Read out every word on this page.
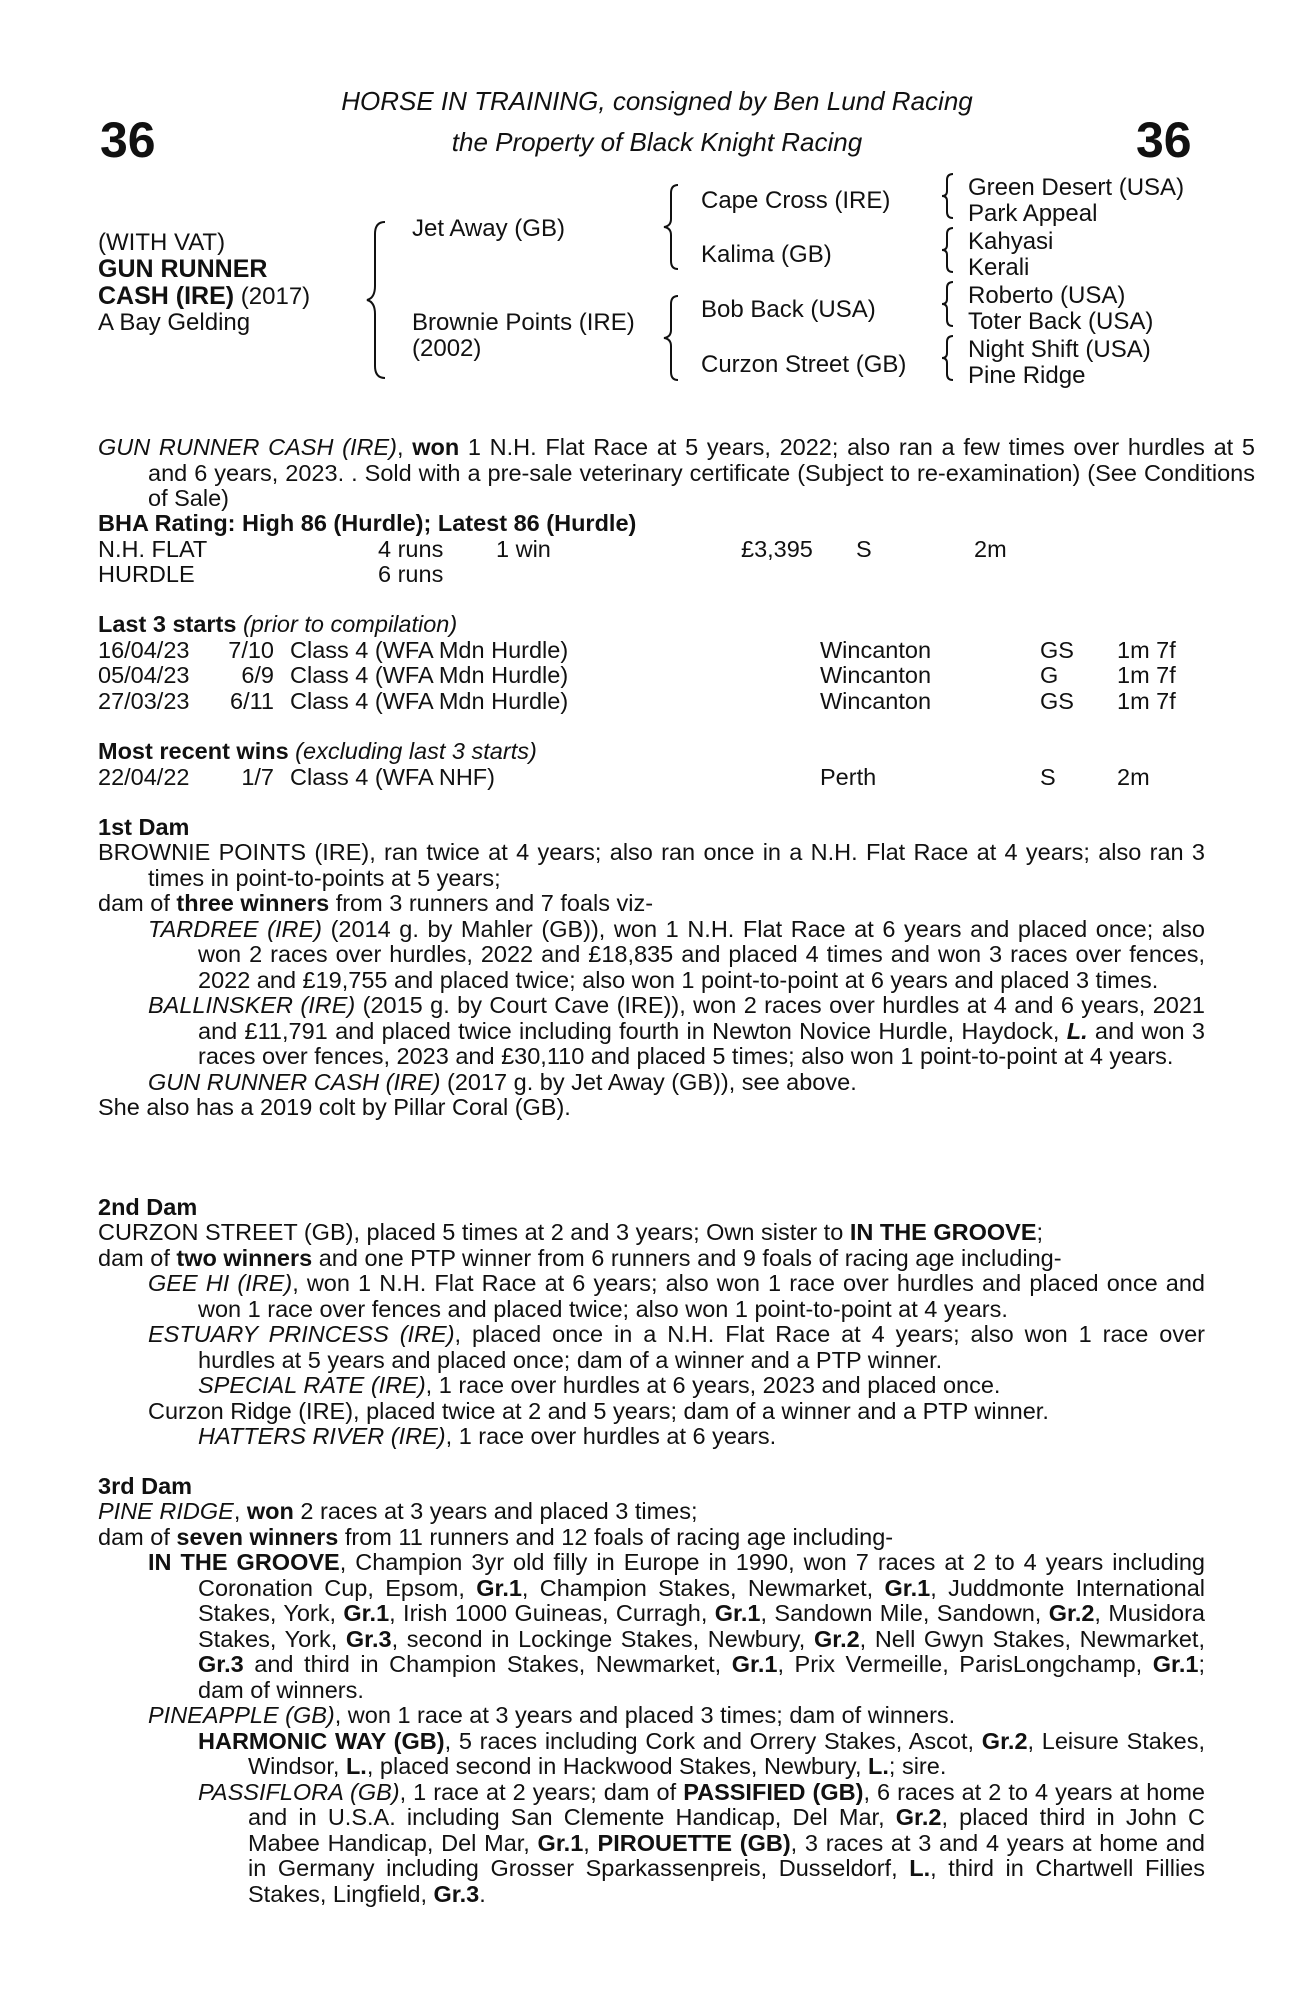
36	36
HORSE IN TRAINING, consigned by Ben Lund Racing
the Property of Black Knight Racing
(WITH VAT)
GUN RUNNER
CASH (IRE) (2017)
A Bay Gelding
Jet Away (GB)
Brownie Points (IRE)
(2002)
Cape Cross (IRE)
Kalima (GB)
Bob Back (USA)
Curzon Street (GB)
Green Desert (USA)
Park Appeal
Kahyasi
Kerali
Roberto (USA)
Toter Back (USA)
Night Shift (USA)
Pine Ridge

GUN RUNNER CASH (IRE), won 1 N.H. Flat Race at 5 years, 2022; also ran a few times over hurdles at 5 and 6 years, 2023. . Sold with a pre-sale veterinary certificate (Subject to re-examination) (See Conditions of Sale)

BHA Rating: High 86 (Hurdle); Latest 86 (Hurdle)
N.H. FLAT	4 runs 1 win	£3,395 S	2m
HURDLE	6 runs
Last 3 starts (prior to compilation)
16/04/23	7/10 Class 4 (WFA Mdn Hurdle)	Wincanton	GS 1m 7f
05/04/23	6/9 Class 4 (WFA Mdn Hurdle)	Wincanton	G 1m 7f
27/03/23	6/11 Class 4 (WFA Mdn Hurdle)	Wincanton	GS 1m 7f
Most recent wins (excluding last 3 starts)
22/04/22	1/7 Class 4 (WFA NHF)	Perth	S	2m
1st Dam

BROWNIE POINTS (IRE), ran twice at 4 years; also ran once in a N.H. Flat Race at 4 years; also ran 3 times in point-to-points at 5 years;

dam of three winners from 3 runners and 7 foals viz-

TARDREE (IRE) (2014 g. by Mahler (GB)), won 1 N.H. Flat Race at 6 years and placed once; also won 2 races over hurdles, 2022 and £18,835 and placed 4 times and won 3 races over fences, 2022 and £19,755 and placed twice; also won 1 point-to-point at 6 years and placed 3 times.

BALLINSKER (IRE) (2015 g. by Court Cave (IRE)), won 2 races over hurdles at 4 and 6 years, 2021 and £11,791 and placed twice including fourth in Newton Novice Hurdle, Haydock, L. and won 3 races over fences, 2023 and £30,110 and placed 5 times; also won 1 point-to-point at 4 years.

GUN RUNNER CASH (IRE) (2017 g. by Jet Away (GB)), see above.

She also has a 2019 colt by Pillar Coral (GB).

2nd Dam

CURZON STREET (GB), placed 5 times at 2 and 3 years; Own sister to IN THE GROOVE;

dam of two winners and one PTP winner from 6 runners and 9 foals of racing age including-

GEE HI (IRE), won 1 N.H. Flat Race at 6 years; also won 1 race over hurdles and placed once and won 1 race over fences and placed twice; also won 1 point-to-point at 4 years.

ESTUARY PRINCESS (IRE), placed once in a N.H. Flat Race at 4 years; also won 1 race over hurdles at 5 years and placed once; dam of a winner and a PTP winner.

SPECIAL RATE (IRE), 1 race over hurdles at 6 years, 2023 and placed once.

Curzon Ridge (IRE), placed twice at 2 and 5 years; dam of a winner and a PTP winner.

HATTERS RIVER (IRE), 1 race over hurdles at 6 years.

3rd Dam

PINE RIDGE, won 2 races at 3 years and placed 3 times;

dam of seven winners from 11 runners and 12 foals of racing age including-

IN THE GROOVE, Champion 3yr old filly in Europe in 1990, won 7 races at 2 to 4 years including Coronation Cup, Epsom, Gr.1, Champion Stakes, Newmarket, Gr.1, Juddmonte International Stakes, York, Gr.1, Irish 1000 Guineas, Curragh, Gr.1, Sandown Mile, Sandown, Gr.2, Musidora Stakes, York, Gr.3, second in Lockinge Stakes, Newbury, Gr.2, Nell Gwyn Stakes, Newmarket, Gr.3 and third in Champion Stakes, Newmarket, Gr.1, Prix Vermeille, ParisLongchamp, Gr.1; dam of winners.

PINEAPPLE (GB), won 1 race at 3 years and placed 3 times; dam of winners.

HARMONIC WAY (GB), 5 races including Cork and Orrery Stakes, Ascot, Gr.2, Leisure Stakes, Windsor, L., placed second in Hackwood Stakes, Newbury, L.; sire.

PASSIFLORA (GB), 1 race at 2 years; dam of PASSIFIED (GB), 6 races at 2 to 4 years at home and in U.S.A. including San Clemente Handicap, Del Mar, Gr.2, placed third in John C Mabee Handicap, Del Mar, Gr.1, PIROUETTE (GB), 3 races at 3 and 4 years at home and in Germany including Grosser Sparkassenpreis, Dusseldorf, L., third in Chartwell Fillies Stakes, Lingfield, Gr.3.
